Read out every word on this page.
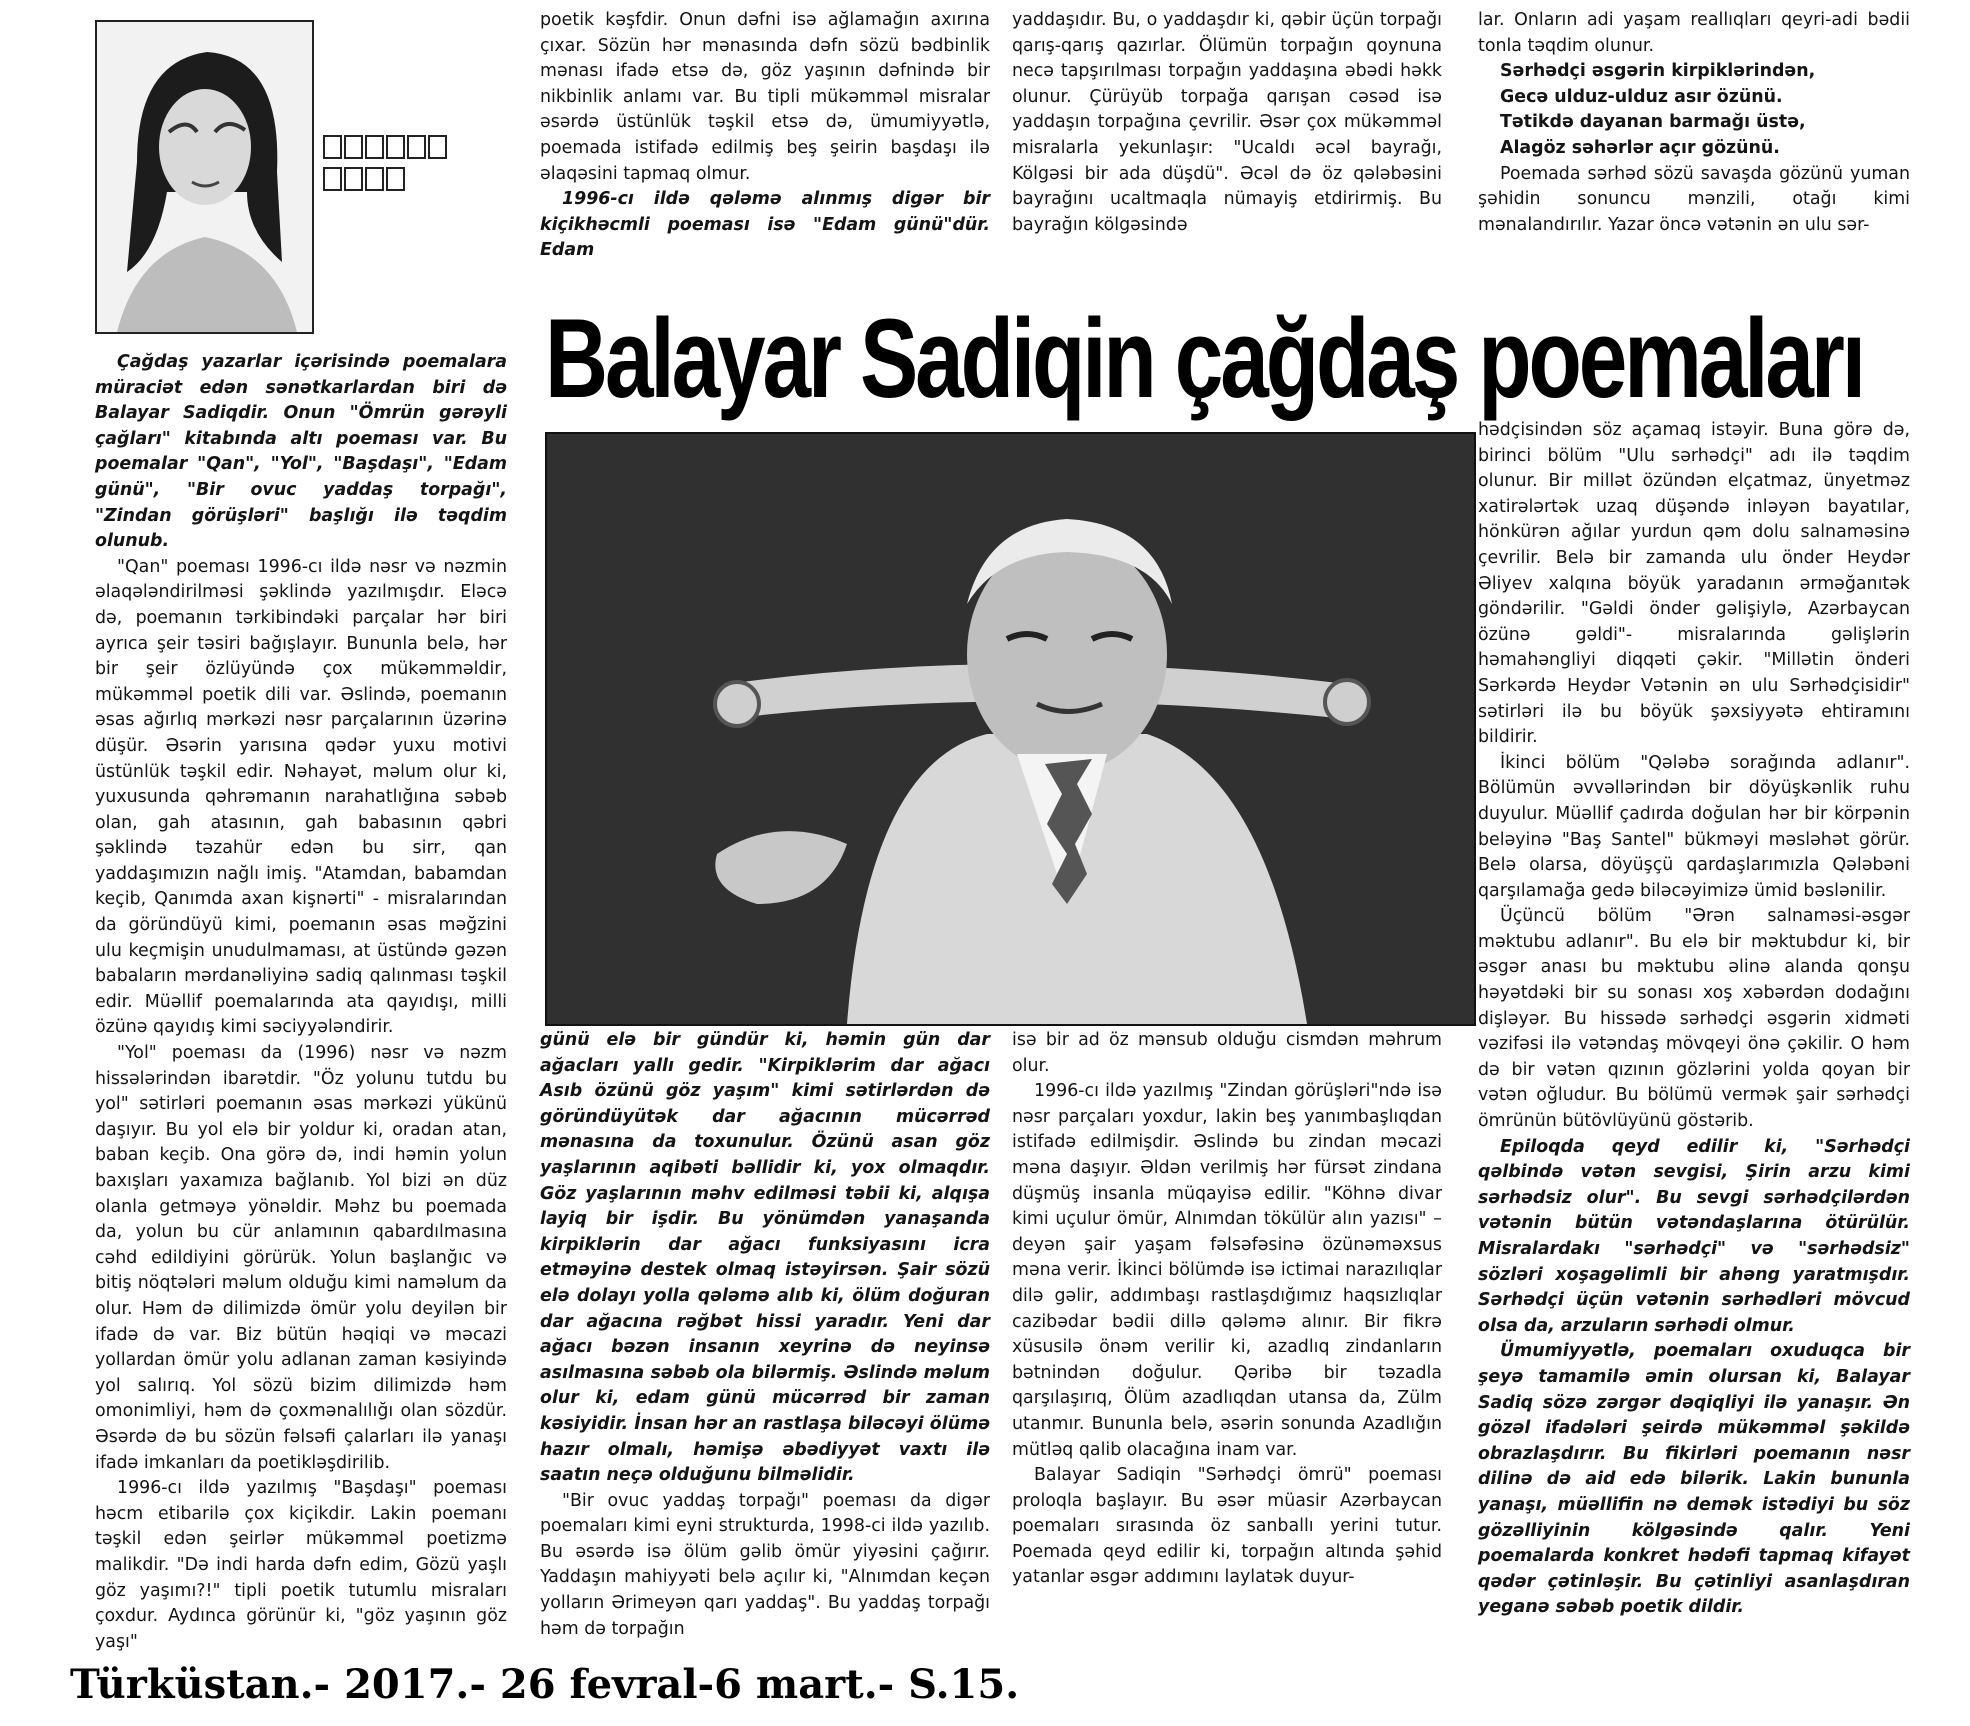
Çağdaş yazarlar içərisində poemalara müraciət edən sənətkarlardan biri də Balayar Sadiqdir. Onun "Ömrün gərəyli çağları" kitabında altı poeması var. Bu poemalar "Qan", "Yol", "Başdaşı", "Edam günü", "Bir ovuc yaddaş torpağı", "Zindan görüşləri" başlığı ilə təqdim olunub.

"Qan" poeması 1996-cı ildə nəsr və nəzmin əlaqələndirilməsi şəklində yazılmışdır. Eləcə də, poemanın tərkibindəki parçalar hər biri ayrıca şeir təsiri bağışlayır. Bununla belə, hər bir şeir özlüyündə çox mükəmməldir, mükəmməl poetik dili var. Əslində, poemanın əsas ağırlıq mərkəzi nəsr parçalarının üzərinə düşür. Əsərin yarısına qədər yuxu motivi üstünlük təşkil edir. Nəhayət, məlum olur ki, yuxusunda qəhrəmanın narahatlığına səbəb olan, gah atasının, gah babasının qəbri şəklində təzahür edən bu sirr, qan yaddaşımızın nağlı imiş. "Atamdan, babamdan keçib, Qanımda axan kişnərti" - misralarından da göründüyü kimi, poemanın əsas məğzini ulu keçmişin unudulmaması, at üstündə gəzən babaların mərdanəliyinə sadiq qalınması təşkil edir. Müəllif poemalarında ata qayıdışı, milli özünə qayıdış kimi səciyyələndirir.

"Yol" poeması da (1996) nəsr və nəzm hissələrindən ibarətdir. "Öz yolunu tutdu bu yol" sətirləri poemanın əsas mərkəzi yükünü daşıyır. Bu yol elə bir yoldur ki, oradan atan, baban keçib. Ona görə də, indi həmin yolun baxışları yaxamıza bağlanıb. Yol bizi ən düz olanla getməyə yönəldir. Məhz bu poemada da, yolun bu cür anlamının qabardılmasına cəhd edildiyini görürük. Yolun başlanğıc və bitiş nöqtələri məlum olduğu kimi naməlum da olur. Həm də dilimizdə ömür yolu deyilən bir ifadə də var. Biz bütün həqiqi və məcazi yollardan ömür yolu adlanan zaman kəsiyində yol salırıq. Yol sözü bizim dilimizdə həm omonimliyi, həm də çoxmənalılığı olan sözdür. Əsərdə də bu sözün fəlsəfi çalarları ilə yanaşı ifadə imkanları da poetikləşdirilib.

1996-cı ildə yazılmış "Başdaşı" poeması həcm etibarilə çox kiçikdir. Lakin poemanı təşkil edən şeirlər mükəmməl poetizmə malikdir. "Də indi harda dəfn edim, Gözü yaşlı göz yaşımı?!" tipli poetik tutumlu misraları çoxdur. Aydınca görünür ki, "göz yaşının göz yaşı"

poetik kəşfdir. Onun dəfni isə ağlamağın axırına çıxar. Sözün hər mənasında dəfn sözü bədbinlik mənası ifadə etsə də, göz yaşının dəfnində bir nikbinlik anlamı var. Bu tipli mükəmməl misralar əsərdə üstünlük təşkil etsə də, ümumiyyətlə, poemada istifadə edilmiş beş şeirin başdaşı ilə əlaqəsini tapmaq olmur.

1996-cı ildə qələmə alınmış digər bir kiçikhəcmli poeması isə "Edam günü"dür. Edam

yaddaşıdır. Bu, o yaddaşdır ki, qəbir üçün torpağı qarış-qarış qazırlar. Ölümün torpağın qoynuna necə tapşırılması torpağın yaddaşına əbədi həkk olunur. Çürüyüb torpağa qarışan cəsəd isə yaddaşın torpağına çevrilir. Əsər çox mükəmməl misralarla yekunlaşır: "Ucaldı əcəl bayrağı, Kölgəsi bir ada düşdü". Əcəl də öz qələbəsini bayrağını ucaltmaqla nümayiş etdirirmiş. Bu bayrağın kölgəsində

lar. Onların adi yaşam reallıqları qeyri-adi bədii tonla təqdim olunur.

Sərhədçi əsgərin kirpiklərindən,
Gecə ulduz-ulduz asır özünü.
Tətikdə dayanan barmağı üstə,
Alagöz səhərlər açır gözünü.

Poemada sərhəd sözü savaşda gözünü yuman şəhidin sonuncu mənzili, otağı kimi mənalandırılır. Yazar öncə vətənin ən ulu sər-

Balayar Sadiqin çağdaş poemaları

günü elə bir gündür ki, həmin gün dar ağacları yallı gedir. "Kirpiklərim dar ağacı Asıb özünü göz yaşım" kimi sətirlərdən də göründüyütək dar ağacının mücərrəd mənasına da toxunulur. Özünü asan göz yaşlarının aqibəti bəllidir ki, yox olmaqdır. Göz yaşlarının məhv edilməsi təbii ki, alqışa layiq bir işdir. Bu yönümdən yanaşanda kirpiklərin dar ağacı funksiyasını icra etməyinə destek olmaq istəyirsən. Şair sözü elə dolayı yolla qələmə alıb ki, ölüm doğuran dar ağacına rəğbət hissi yaradır. Yeni dar ağacı bəzən insanın xeyrinə də neyinsə asılmasına səbəb ola bilərmiş. Əslində məlum olur ki, edam günü mücərrəd bir zaman kəsiyidir. İnsan hər an rastlaşa biləcəyi ölümə hazır olmalı, həmişə əbədiyyət vaxtı ilə saatın neçə olduğunu bilməlidir.

"Bir ovuc yaddaş torpağı" poeması da digər poemaları kimi eyni strukturda, 1998-ci ildə yazılıb. Bu əsərdə isə ölüm gəlib ömür yiyəsini çağırır. Yaddaşın mahiyyəti belə açılır ki, "Alnımdan keçən yolların Ərimeyən qarı yaddaş". Bu yaddaş torpağı həm də torpağın

isə bir ad öz mənsub olduğu cismdən məhrum olur.

1996-cı ildə yazılmış "Zindan görüşləri"ndə isə nəsr parçaları yoxdur, lakin beş yanımbaşlıqdan istifadə edilmişdir. Əslində bu zindan məcazi məna daşıyır. Əldən verilmiş hər fürsət zindana düşmüş insanla müqayisə edilir. "Köhnə divar kimi uçulur ömür, Alnımdan tökülür alın yazısı" – deyən şair yaşam fəlsəfəsinə özünəməxsus məna verir. İkinci bölümdə isə ictimai narazılıqlar dilə gəlir, addımbaşı rastlaşdığımız haqsızlıqlar cazibədar bədii dillə qələmə alınır. Bir fikrə xüsusilə önəm verilir ki, azadlıq zindanların bətnindən doğulur. Qəribə bir təzadla qarşılaşırıq, Ölüm azadlıqdan utansa da, Zülm utanmır. Bununla belə, əsərin sonunda Azadlığın mütləq qalib olacağına inam var.

Balayar Sadiqin "Sərhədçi ömrü" poeması proloqla başlayır. Bu əsər müasir Azərbaycan poemaları sırasında öz sanballı yerini tutur. Poemada qeyd edilir ki, torpağın altında şəhid yatanlar əsgər addımını laylatək duyur-

hədçisindən söz açamaq istəyir. Buna görə də, birinci bölüm "Ulu sərhədçi" adı ilə təqdim olunur. Bir millət özündən elçatmaz, ünyetməz xatirələrtək uzaq düşəndə inləyən bayatılar, hönkürən ağılar yurdun qəm dolu salnaməsinə çevrilir. Belə bir zamanda ulu önder Heydər Əliyev xalqına böyük yaradanın ərməğanıtək göndərilir. "Gəldi önder gəlişiylə, Azərbaycan özünə gəldi"- misralarında gəlişlərin həmahəngliyi diqqəti çəkir. "Millətin önderi Sərkərdə Heydər Vətənin ən ulu Sərhədçisidir" sətirləri ilə bu böyük şəxsiyyətə ehtiramını bildirir.

İkinci bölüm "Qələbə sorağında adlanır". Bölümün əvvəllərindən bir döyüşkənlik ruhu duyulur. Müəllif çadırda doğulan hər bir körpənin beləyinə "Baş Santel" bükməyi məsləhət görür. Belə olarsa, döyüşçü qardaşlarımızla Qələbəni qarşılamağa gedə biləcəyimizə ümid bəslənilir.

Üçüncü bölüm "Ərən salnaməsi-əsgər məktubu adlanır". Bu elə bir məktubdur ki, bir əsgər anası bu məktubu əlinə alanda qonşu həyətdəki bir su sonası xoş xəbərdən dodağını dişləyər. Bu hissədə sərhədçi əsgərin xidməti vəzifəsi ilə vətəndaş mövqeyi önə çəkilir. O həm də bir vətən qızının gözlərini yolda qoyan bir vətən oğludur. Bu bölümü vermək şair sərhədçi ömrünün bütövlüyünü göstərib.

Epiloqda qeyd edilir ki, "Sərhədçi qəlbində vətən sevgisi, Şirin arzu kimi sərhədsiz olur". Bu sevgi sərhədçilərdən vətənin bütün vətəndaşlarına ötürülür. Misralardakı "sərhədçi" və "sərhədsiz" sözləri xoşagəlimli bir ahəng yaratmışdır. Sərhədçi üçün vətənin sərhədləri mövcud olsa da, arzuların sərhədi olmur.

Ümumiyyətlə, poemaları oxuduqca bir şeyə tamamilə əmin olursan ki, Balayar Sadiq sözə zərgər dəqiqliyi ilə yanaşır. Ən gözəl ifadələri şeirdə mükəmməl şəkildə obrazlaşdırır. Bu fikirləri poemanın nəsr dilinə də aid edə bilərik. Lakin bununla yanaşı, müəllifin nə demək istədiyi bu söz gözəlliyinin kölgəsində qalır. Yeni poemalarda konkret hədəfi tapmaq kifayət qədər çətinləşir. Bu çətinliyi asanlaşdıran yeganə səbəb poetik dildir.

Türküstan.- 2017.- 26 fevral-6 mart.- S.15.
